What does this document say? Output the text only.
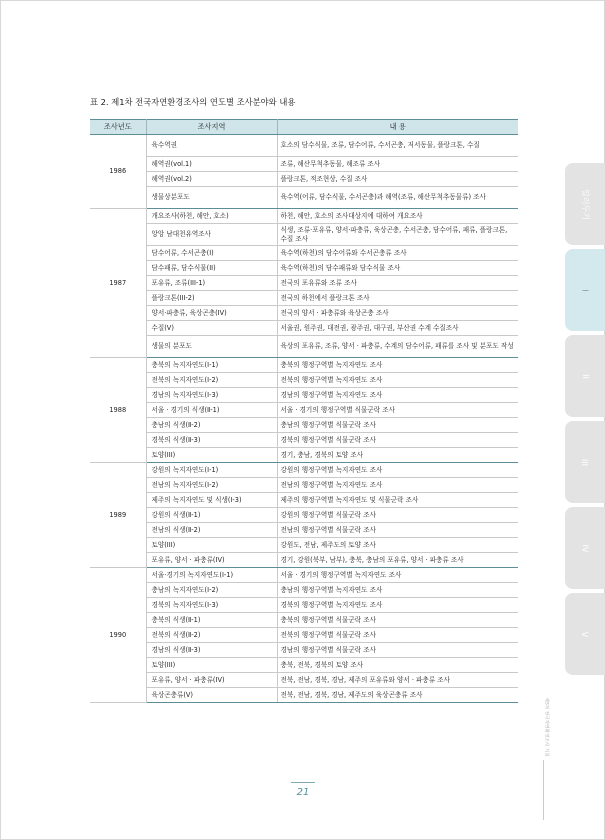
표 2. 제1차 전국자연환경조사의 연도별 조사분야와 내용
조사년도	조사지역	내 용
1986	육수역권	호소의 담수식물, 조류, 담수어류, 수서곤충, 저서동물, 플랑크톤, 수질
	해역권(vol.1)	조류, 해산무척추동물, 해조류 조사
	해역권(vol.2)	플랑크톤, 적조현상, 수질 조사
	생물상분포도	육수역(어류, 담수식물, 수서곤충)과 해역(조류, 해산무척추동물류) 조사
1987	개요조사(하천, 해안, 호소)	하천, 해안, 호소의 조사대상지에 대하여 개요조사
	앙앙 남대천유역조사	식생, 조류·포유류, 양서·파충류, 육상곤충, 수서곤충, 담수어류, 패류, 플랑크톤, 수질 조사
	담수어류, 수서곤충(I)	육수역(하천)의 담수어류와 수서곤충류 조사
	담수패류, 담수식물(II)	육수역(하천)의 담수패류와 담수식물 조사
	포유류, 조류(III-1)	전국의 포유류와 조류 조사
	플랑크톤(III-2)	전국의 하천에서 플랑크톤 조사
	양서·파충류, 육상곤충(IV)	전국의 양서 · 파충류와 육상곤충 조사
	수질(Ⅴ)	서울권, 원주권, 대전권, 광주권, 대구권, 부산권 수계 수질조사
	생물의 분포도	육상의 포유류, 조류, 양서 · 파충류, 수계의 담수어류, 패류를 조사 및 분포도 작성
1988	충북의 녹지자연도(Ⅰ-1)	충북의 행정구역별 녹지자연도 조사
	전북의 녹지자연도(Ⅰ-2)	전북의 행정구역별 녹지자연도 조사
	경남의 녹지자연도(Ⅰ-3)	경남의 행정구역별 녹지자연도 조사
	서울 · 경기의 식생(Ⅱ-1)	서울 · 경기의 행정구역별 식물군락 조사
	충남의 식생(Ⅱ-2)	충남의 행정구역별 식물군락 조사
	경북의 식생(Ⅱ-3)	경북의 행정구역별 식물군락 조사
	토양(III)	경기, 충남, 경북의 토양 조사
1989	강원의 녹지자연도(Ⅰ-1)	강원의 행정구역별 녹지자연도 조사
	전남의 녹지자연도(Ⅰ-2)	전남의 행정구역별 녹지자연도 조사
	제주의 녹지자연도 및 식생(Ⅰ-3)	제주의 행정구역별 녹지자연도 및 식물군락 조사
	강원의 식생(Ⅱ-1)	강원의 행정구역별 식물군락 조사
	전남의 식생(Ⅱ-2)	전남의 행정구역별 식물군락 조사
	토양(III)	강원도, 전남, 제주도의 토양 조사
	포유류, 양서 · 파충류(IV)	경기, 강원(북부, 남부), 충북, 충남의 포유류, 양서 · 파충류 조사
1990	서울·경기의 녹지자연도(Ⅰ-1)	서울 · 경기의 행정구역별 녹지자연도 조사
	충남의 녹지자연도(Ⅰ-2)	충남의 행정구역별 녹지자연도 조사
	경북의 녹지자연도(Ⅰ-3)	경북의 행정구역별 녹지자연도 조사
	충북의 식생(Ⅱ-1)	충북의 행정구역별 식물군락 조사
	전북의 식생(Ⅱ-2)	전북의 행정구역별 식물군락 조사
	경남의 식생(Ⅱ-3)	경남의 행정구역별 식물군락 조사
	토양(III)	충북, 전북, 경북의 토양 조사
	포유류, 양서 · 파충류(IV)	전북, 전남, 경북, 경남, 제주의 포유류와 양서 · 파충류 조사
	육상곤충류(Ⅴ)	전북, 전남, 경북, 경남, 제주도의 육상곤충류 조사
일러두기
I
II
III
IV
V
제5차 전국자연환경조사 지침
21
